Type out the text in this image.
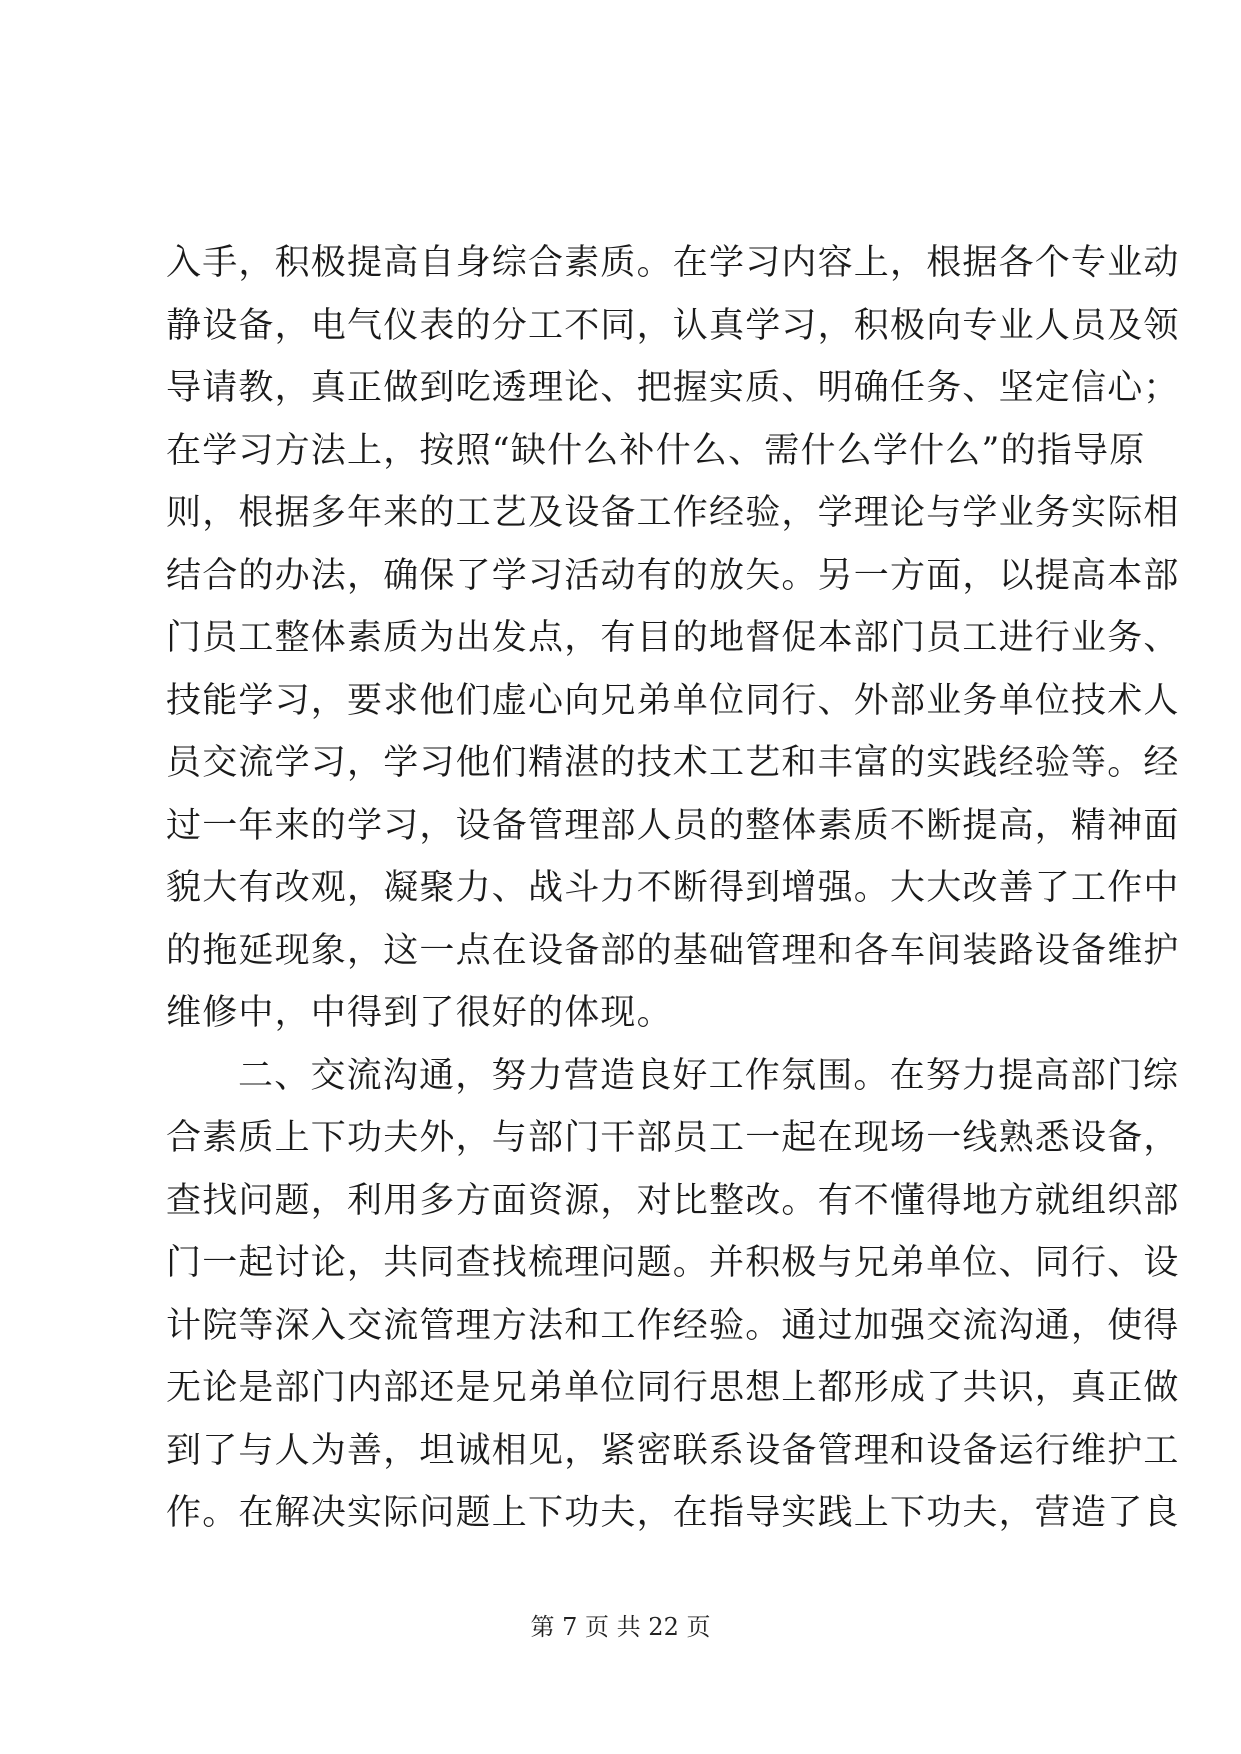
入手，积极提高自身综合素质。在学习内容上，根据各个专业动
静设备，电气仪表的分工不同，认真学习，积极向专业人员及领
导请教，真正做到吃透理论、把握实质、明确任务、坚定信心；
在学习方法上，按照“缺什么补什么、需什么学什么”的指导原
则，根据多年来的工艺及设备工作经验，学理论与学业务实际相
结合的办法，确保了学习活动有的放矢。另一方面，以提高本部
门员工整体素质为出发点，有目的地督促本部门员工进行业务、
技能学习，要求他们虚心向兄弟单位同行、外部业务单位技术人
员交流学习，学习他们精湛的技术工艺和丰富的实践经验等。经
过一年来的学习，设备管理部人员的整体素质不断提高，精神面
貌大有改观，凝聚力、战斗力不断得到增强。大大改善了工作中
的拖延现象，这一点在设备部的基础管理和各车间装路设备维护
维修中，中得到了很好的体现。
二、交流沟通，努力营造良好工作氛围。在努力提高部门综
合素质上下功夫外，与部门干部员工一起在现场一线熟悉设备，
查找问题，利用多方面资源，对比整改。有不懂得地方就组织部
门一起讨论，共同查找梳理问题。并积极与兄弟单位、同行、设
计院等深入交流管理方法和工作经验。通过加强交流沟通，使得
无论是部门内部还是兄弟单位同行思想上都形成了共识，真正做
到了与人为善，坦诚相见，紧密联系设备管理和设备运行维护工
作。在解决实际问题上下功夫，在指导实践上下功夫，营造了良
第 7 页 共 22 页
